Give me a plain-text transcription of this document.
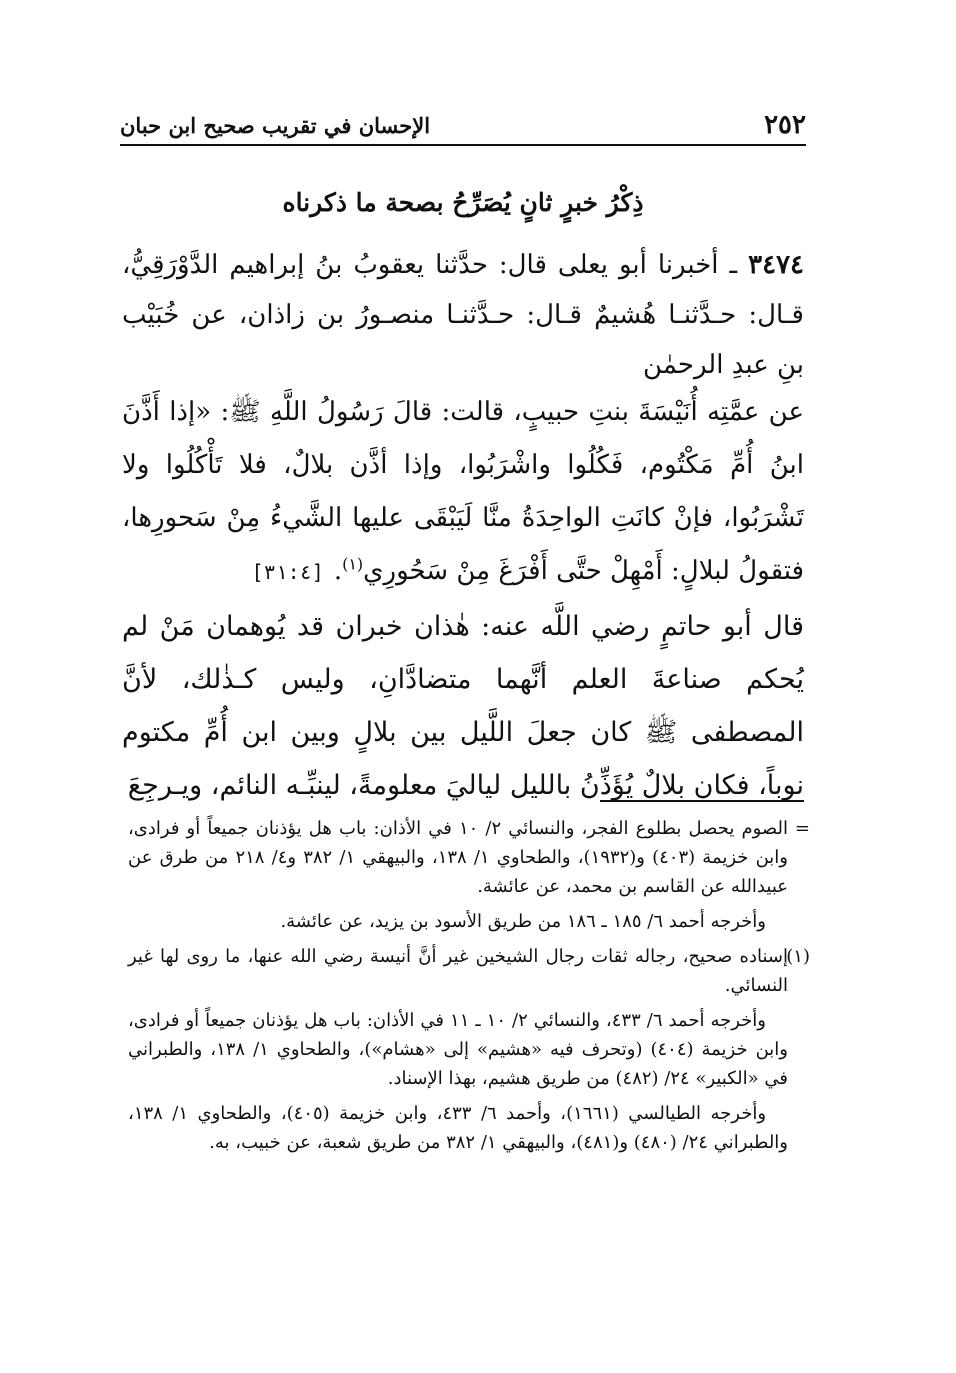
٢٥٢
الإحسان في تقريب صحيح ابن حبان
ذِكْرُ خبرٍ ثانٍ يُصَرِّحُ بصحة ما ذكرناه

٣٤٧٤ ـ أخبرنا أبو يعلى قال: حدَّثنا يعقوبُ بنُ إبراهيم الدَّوْرَقِيُّ، قـال: حـدَّثنـا هُشيمٌ قـال: حـدَّثنـا منصـورُ بن زاذان، عن خُبَيْب بنِ عبدِ الرحمٰن

عن عمَّتِه أُنَيْسَةَ بنتِ حبيبٍ، قالت: قالَ رَسُولُ اللَّهِ ﷺ: «إذا أَذَّنَ ابنُ أُمِّ مَكْتُوم، فَكُلُوا واشْرَبُوا، وإذا أذَّن بلالٌ، فلا تَأْكُلُوا ولا تَشْرَبُوا، فإنْ كانَتِ الواحِدَةُ منَّا لَيَبْقَى عليها الشَّيءُ مِنْ سَحورِها، فتقولُ لبلالٍ: أَمْهِلْ حتَّى أَفْرَغَ مِنْ سَحُورِي$^{(١)}$.[٣١:٤]

قال أبو حاتمٍ رضي اللَّه عنه: هٰذان خبران قد يُوهمان مَنْ لم يُحكم صناعةَ العلم أنَّهما متضادَّانِ، وليس كـذٰلك، لأنَّ المصطفى ﷺ كان جعلَ اللَّيل بين بلالٍ وبين ابن أُمِّ مكتوم نوباً، فكان بلالٌ يُؤَذِّنُ بالليل لياليَ معلومةً، لينبِّـه النائم، ويـرجِعَ

=
الصوم يحصل بطلوع الفجر، والنسائي ٢/ ١٠ في الأذان: باب هل يؤذنان جميعاً أو فرادى، وابن خزيمة (٤٠٣) و(١٩٣٢)، والطحاوي ١/ ١٣٨، والبيهقي ١/ ٣٨٢ و٤/ ٢١٨ من طرق عن عبيدالله عن القاسم بن محمد، عن عائشة.

وأخرجه أحمد ٦/ ١٨٥ ـ ١٨٦ من طريق الأسود بن يزيد، عن عائشة.

(١)
إسناده صحيح، رجاله ثقات رجال الشيخين غير أنَّ أنيسة رضي الله عنها، ما روى لها غير النسائي.

وأخرجه أحمد ٦/ ٤٣٣، والنسائي ٢/ ١٠ ـ ١١ في الأذان: باب هل يؤذنان جميعاً أو فرادى، وابن خزيمة (٤٠٤) (وتحرف فيه «هشيم» إلى «هشام»)، والطحاوي ١/ ١٣٨، والطبراني في «الكبير» ٢٤/ (٤٨٢) من طريق هشيم، بهذا الإسناد.

وأخرجه الطيالسي (١٦٦١)، وأحمد ٦/ ٤٣٣، وابن خزيمة (٤٠٥)، والطحاوي ١/ ١٣٨، والطبراني ٢٤/ (٤٨٠) و(٤٨١)، والبيهقي ١/ ٣٨٢ من طريق شعبة، عن خبيب، به.
